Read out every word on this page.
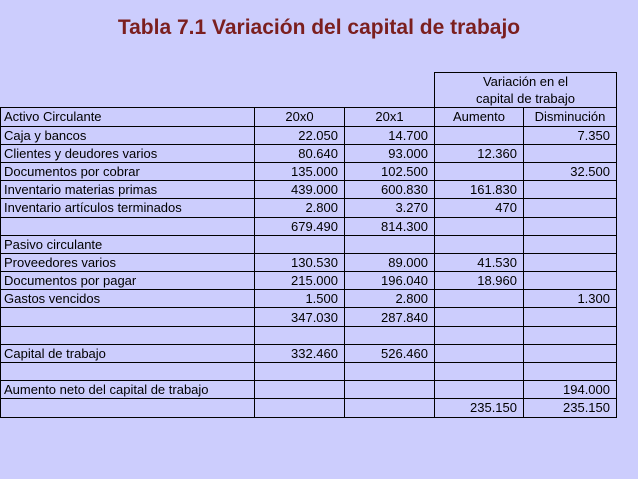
Tabla 7.1 Variación del capital de trabajo
			Variación en el	
			capital de trabajo	
Activo Circulante	20x0	20x1	Aumento	Disminución
Caja y bancos	22.050	14.700		7.350
Clientes y deudores varios	80.640	93.000	12.360	
Documentos por cobrar	135.000	102.500		32.500
Inventario materias primas	439.000	600.830	161.830	
Inventario artículos terminados	2.800	3.270	470	
	679.490	814.300		
Pasivo circulante				
Proveedores varios	130.530	89.000	41.530	
Documentos por pagar	215.000	196.040	18.960	
Gastos vencidos	1.500	2.800		1.300
	347.030	287.840		

Capital de trabajo	332.460	526.460		

Aumento neto del capital de trabajo				194.000
			235.150	235.150
